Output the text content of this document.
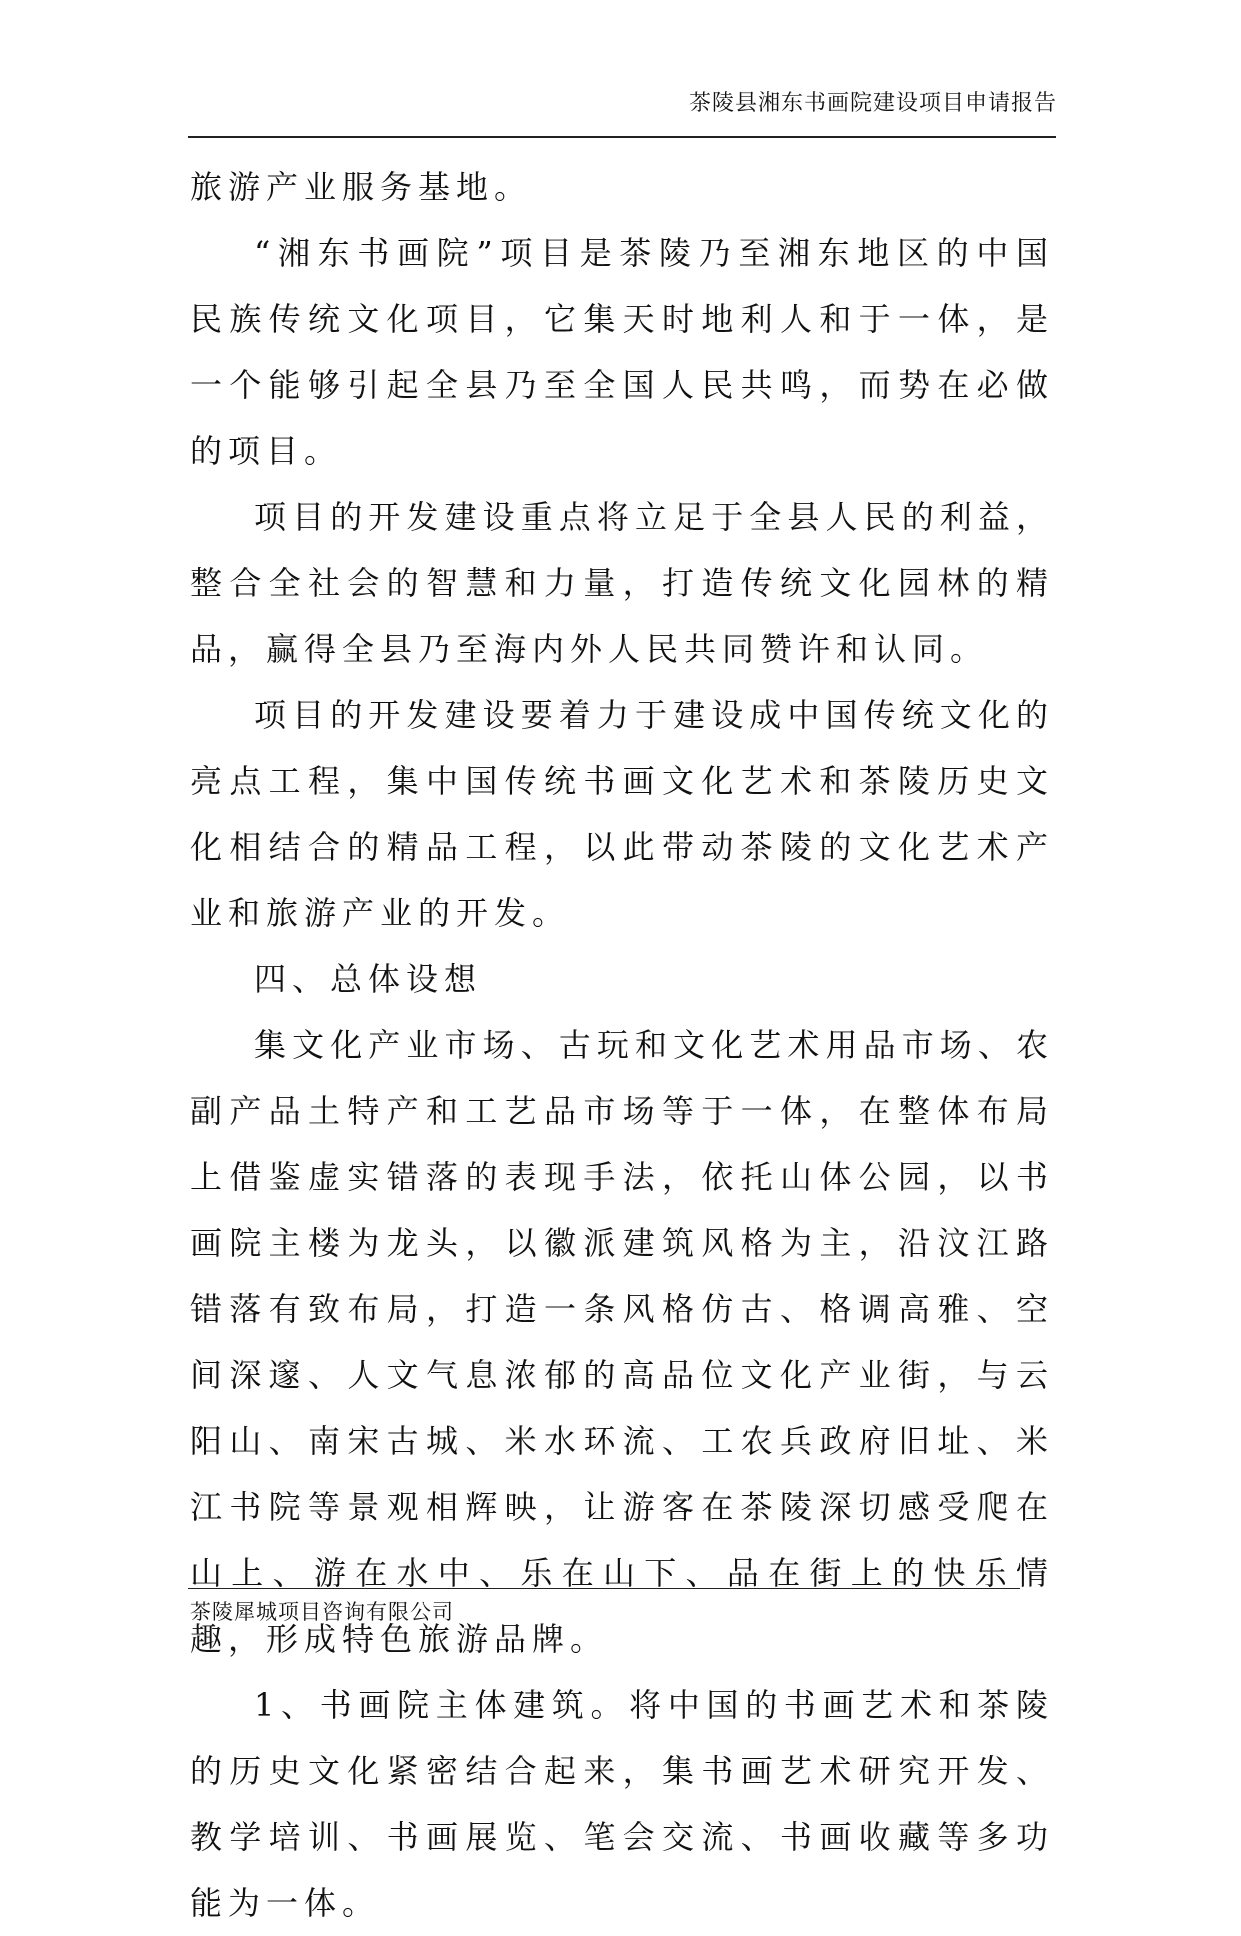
茶陵县湘东书画院建设项目申请报告

旅游产业服务基地。

“湘东书画院”项目是茶陵乃至湘东地区的中国民族传统文化项目，它集天时地利人和于一体，是一个能够引起全县乃至全国人民共鸣，而势在必做的项目。

项目的开发建设重点将立足于全县人民的利益，整合全社会的智慧和力量，打造传统文化园林的精品，赢得全县乃至海内外人民共同赞许和认同。

项目的开发建设要着力于建设成中国传统文化的亮点工程，集中国传统书画文化艺术和茶陵历史文化相结合的精品工程，以此带动茶陵的文化艺术产业和旅游产业的开发。

四、总体设想

集文化产业市场、古玩和文化艺术用品市场、农副产品土特产和工艺品市场等于一体，在整体布局上借鉴虚实错落的表现手法，依托山体公园，以书画院主楼为龙头，以徽派建筑风格为主，沿汶江路错落有致布局，打造一条风格仿古、格调高雅、空间深邃、人文气息浓郁的高品位文化产业街，与云阳山、南宋古城、米水环流、工农兵政府旧址、米江书院等景观相辉映，让游客在茶陵深切感受爬在山上、游在水中、乐在山下、品在街上的快乐情趣，形成特色旅游品牌。

1、书画院主体建筑。将中国的书画艺术和茶陵的历史文化紧密结合起来，集书画艺术研究开发、教学培训、书画展览、笔会交流、书画收藏等多功能为一体。

茶陵犀城项目咨询有限公司
